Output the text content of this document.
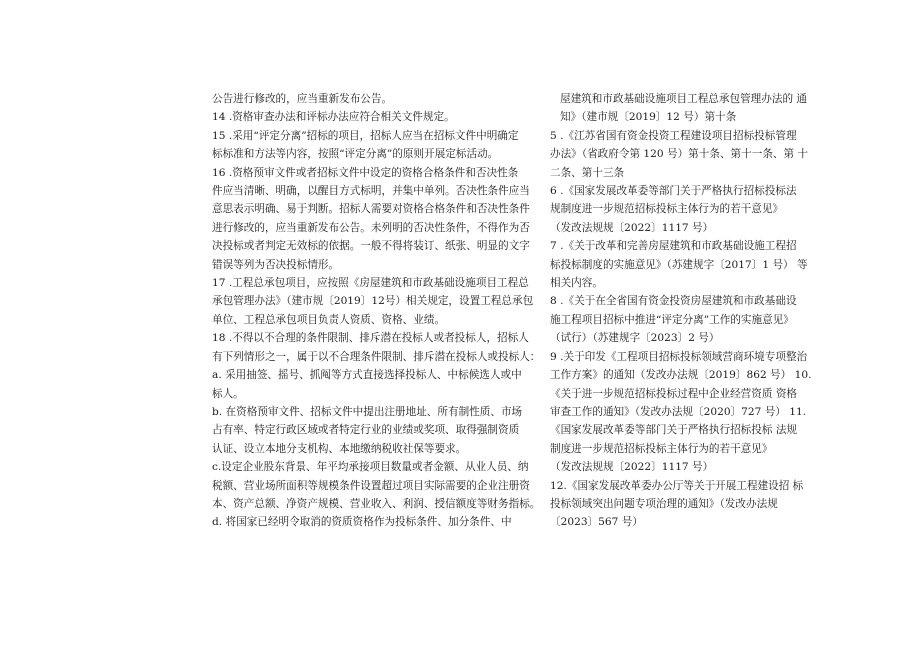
公告进行修改的，应当重新发布公告。
14 .资格审查办法和评标办法应符合相关文件规定。
15 .采用“评定分离”招标的项目，招标人应当在招标文件中明确定
标标准和方法等内容，按照“评定分离”的原则开展定标活动。
16 .资格预审文件或者招标文件中设定的资格合格条件和否决性条
件应当清晰、明确，以醒目方式标明，并集中单列。否决性条件应当
意思表示明确、易于判断。招标人需要对资格合格条件和否决性条件
进行修改的，应当重新发布公告。未列明的否决性条件，不得作为否
决投标或者判定无效标的依据。一般不得将装订、纸张、明显的文字
错误等列为否决投标情形。
17 .工程总承包项目，应按照《房屋建筑和市政基础设施项目工程总
承包管理办法》（建市规〔2019〕12号）相关规定，设置工程总承包
单位、工程总承包项目负责人资质、资格、业绩。
18 .不得以不合理的条件限制、排斥潜在投标人或者投标人，招标人
有下列情形之一，属于以不合理条件限制、排斥潜在投标人或投标人：
a. 采用抽签、摇号、抓阄等方式直接选择投标人、中标候选人或中
标人。
b. 在资格预审文件、招标文件中提出注册地址、所有制性质、市场
占有率、特定行政区域或者特定行业的业绩或奖项、取得强制资质
认证、设立本地分支机构、本地缴纳税收社保等要求。
c.设定企业股东背景、年平均承接项目数量或者金额、从业人员、纳
税额、营业场所面积等规模条件设置超过项目实际需要的企业注册资
本、资产总额、净资产规模、营业收入、利润、授信额度等财务指标。
d. 将国家已经明令取消的资质资格作为投标条件、加分条件、中
屋建筑和市政基础设施项目工程总承包管理办法的 通
知》（建市规〔2019〕12 号）第十条
5 .《江苏省国有资金投资工程建设项目招标投标管理
办法》（省政府令第 120 号）第十条、第十一条、第 十
二条、第十三条
6 .《国家发展改革委等部门关于严格执行招标投标法
规制度进一步规范招标投标主体行为的若干意见》
（发改法规规〔2022〕1117 号）
7 .《关于改革和完善房屋建筑和市政基础设施工程招
标投标制度的实施意见》（苏建规字〔2017〕1 号） 等
相关内容。
8 .《关于在全省国有资金投资房屋建筑和市政基础设
施工程项目招标中推进“评定分离”工作的实施意见》
（试行）（苏建规字〔2023〕2 号）
9 .关于印发《工程项目招标投标领域营商环境专项整治
工作方案》的通知（发改办法规〔2019〕862 号） 10.
《关于进一步规范招标投标过程中企业经营资质 资格
审查工作的通知》（发改办法规〔2020〕727 号） 11.
《国家发展改革委等部门关于严格执行招标投标 法规
制度进一步规范招标投标主体行为的若干意见》
（发改法规规〔2022〕1117 号）
12.《国家发展改革委办公厅等关于开展工程建设招 标
投标领域突出问题专项治理的通知》（发改办法规
〔2023〕567 号）
